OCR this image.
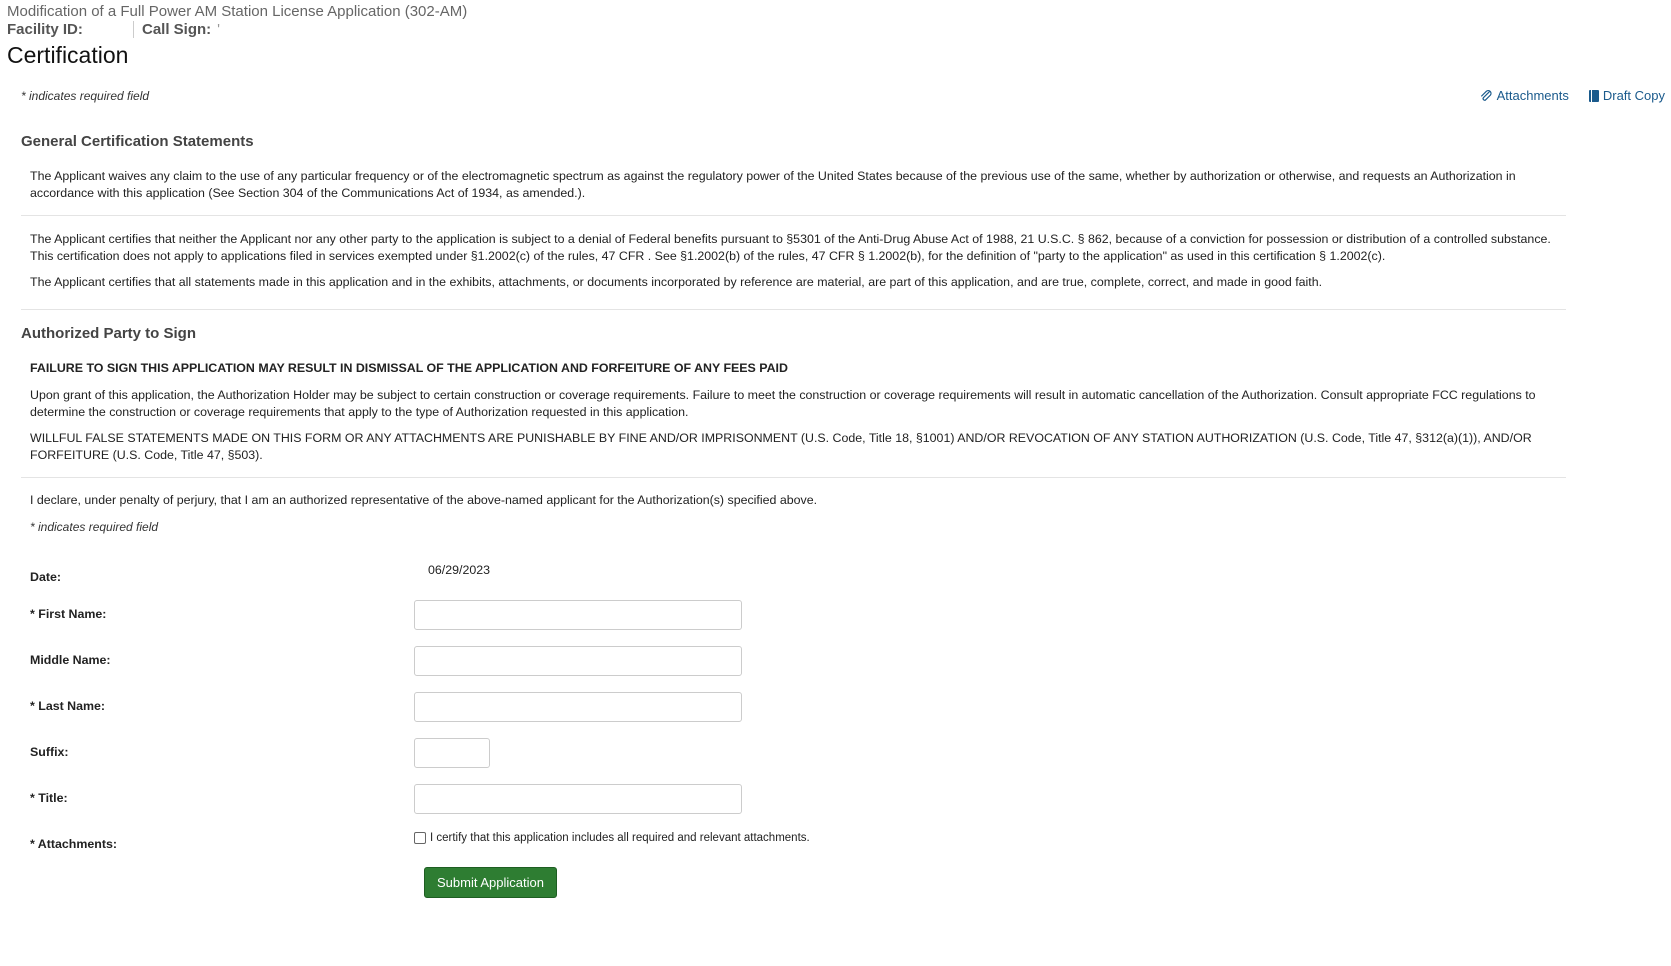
Modification of a Full Power AM Station License Application (302-AM)
Facility ID:	Call Sign: '
Certification
* indicates required field	Attachments	Draft Copy
General Certification Statements

The Applicant waives any claim to the use of any particular frequency or of the electromagnetic spectrum as against the regulatory power of the United States because of the previous use of the same, whether by authorization or otherwise, and requests an Authorization in accordance with this application (See Section 304 of the Communications Act of 1934, as amended.).

The Applicant certifies that neither the Applicant nor any other party to the application is subject to a denial of Federal benefits pursuant to §5301 of the Anti-Drug Abuse Act of 1988, 21 U.S.C. § 862, because of a conviction for possession or distribution of a controlled substance. This certification does not apply to applications filed in services exempted under §1.2002(c) of the rules, 47 CFR . See §1.2002(b) of the rules, 47 CFR § 1.2002(b), for the definition of "party to the application" as used in this certification § 1.2002(c).

The Applicant certifies that all statements made in this application and in the exhibits, attachments, or documents incorporated by reference are material, are part of this application, and are true, complete, correct, and made in good faith.

Authorized Party to Sign

FAILURE TO SIGN THIS APPLICATION MAY RESULT IN DISMISSAL OF THE APPLICATION AND FORFEITURE OF ANY FEES PAID

Upon grant of this application, the Authorization Holder may be subject to certain construction or coverage requirements. Failure to meet the construction or coverage requirements will result in automatic cancellation of the Authorization. Consult appropriate FCC regulations to determine the construction or coverage requirements that apply to the type of Authorization requested in this application.

WILLFUL FALSE STATEMENTS MADE ON THIS FORM OR ANY ATTACHMENTS ARE PUNISHABLE BY FINE AND/OR IMPRISONMENT (U.S. Code, Title 18, §1001) AND/OR REVOCATION OF ANY STATION AUTHORIZATION (U.S. Code, Title 47, §312(a)(1)), AND/OR FORFEITURE (U.S. Code, Title 47, §503).

I declare, under penalty of perjury, that I am an authorized representative of the above-named applicant for the Authorization(s) specified above.

* indicates required field
Date:	06/29/2023
* First Name:
Middle Name:
* Last Name:
Suffix:
* Title:
* Attachments:	I certify that this application includes all required and relevant attachments.
Submit Application
